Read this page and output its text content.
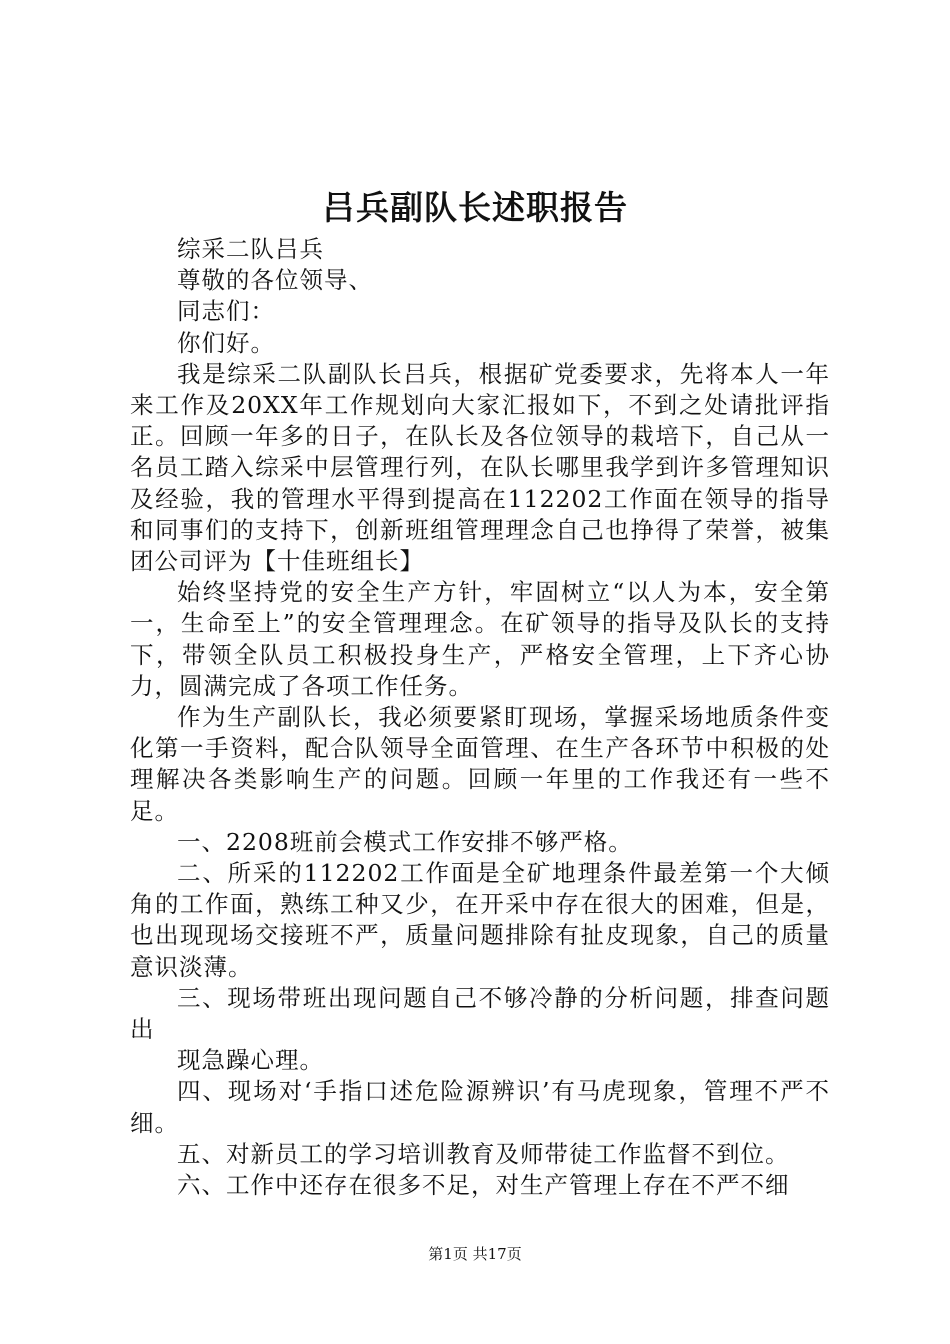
吕兵副队长述职报告

综采二队吕兵

尊敬的各位领导、

同志们：

你们好。

我是综采二队副队长吕兵，根据矿党委要求，先将本人一年来工作及20XX年工作规划向大家汇报如下，不到之处请批评指正。回顾一年多的日子，在队长及各位领导的栽培下，自己从一名员工踏入综采中层管理行列，在队长哪里我学到许多管理知识及经验，我的管理水平得到提高在112202工作面在领导的指导和同事们的支持下，创新班组管理理念自己也挣得了荣誉，被集团公司评为【十佳班组长】

始终坚持党的安全生产方针，牢固树立“以人为本，安全第一，生命至上”的安全管理理念。在矿领导的指导及队长的支持下，带领全队员工积极投身生产，严格安全管理，上下齐心协力，圆满完成了各项工作任务。

作为生产副队长，我必须要紧盯现场，掌握采场地质条件变化第一手资料，配合队领导全面管理、在生产各环节中积极的处理解决各类影响生产的问题。回顾一年里的工作我还有一些不足。

一、2208班前会模式工作安排不够严格。

二、所采的112202工作面是全矿地理条件最差第一个大倾角的工作面，熟练工种又少，在开采中存在很大的困难，但是，也出现现场交接班不严，质量问题排除有扯皮现象，自己的质量意识淡薄。

三、现场带班出现问题自己不够冷静的分析问题，排查问题出

现急躁心理。

四、现场对‘手指口述危险源辨识’有马虎现象，管理不严不细。

五、对新员工的学习培训教育及师带徒工作监督不到位。

六、工作中还存在很多不足，对生产管理上存在不严不细

第1页 共17页
